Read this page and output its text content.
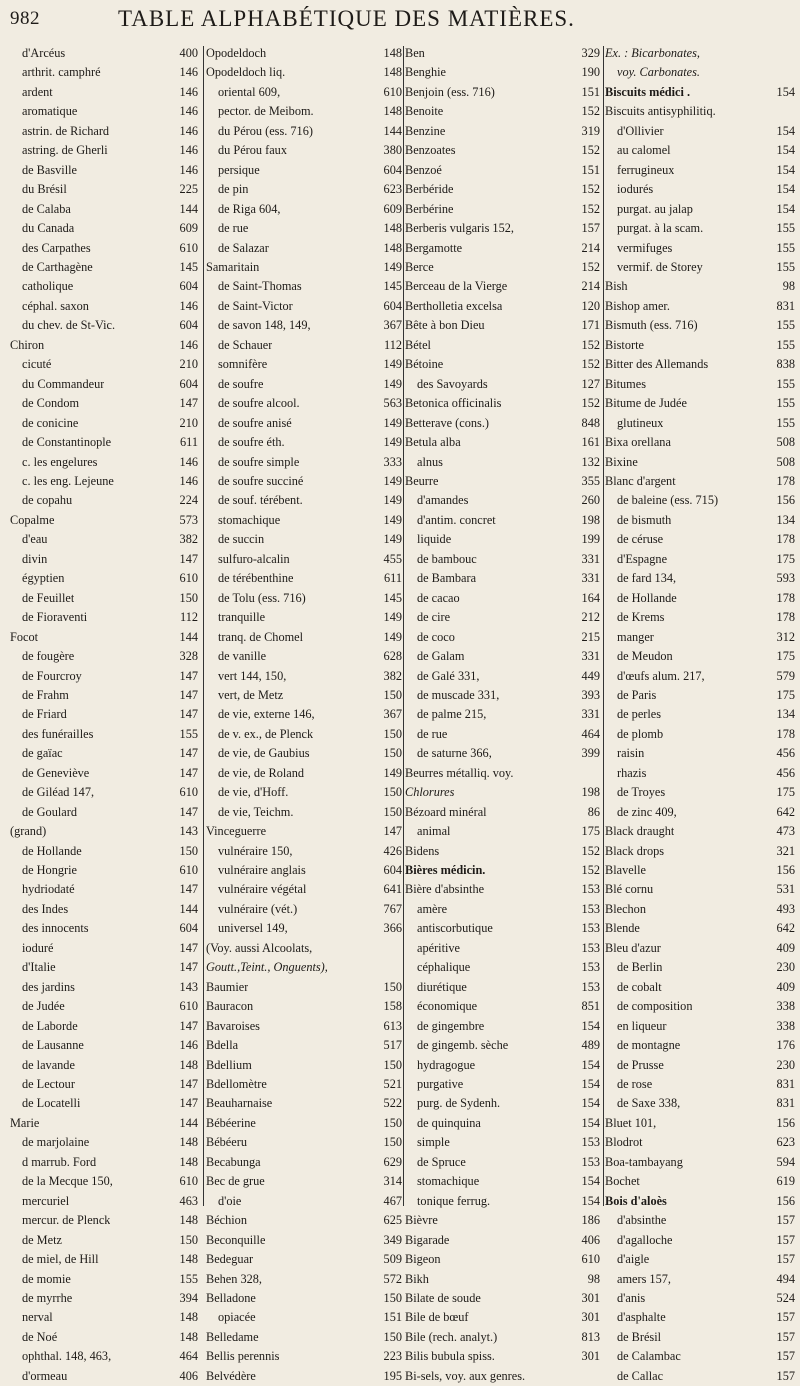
982	TABLE ALPHABÉTIQUE DES MATIÈRES.
d'Arcéus	400
arthrit. camphré	146
ardent	146
aromatique	146
astrin. de Richard	146
astring. de Gherli	146
de Basville	146
du Brésil	225
de Calaba	144
du Canada	609
des Carpathes	610
de Carthagène	145
catholique	604
céphal. saxon	146
du chev. de St-Vic.	604
Chiron	146
cicuté	210
du Commandeur	604
de Condom	147
de conicine	210
de Constantinople	611
c. les engelures	146
c. les eng. Lejeune	146
de copahu	224
Copalme	573
d'eau	382
divin	147
égyptien	610
de Feuillet	150
de Fioraventi	112
Focot	144
de fougère	328
de Fourcroy	147
de Frahm	147
de Friard	147
des funérailles	155
de gaïac	147
de Geneviève	147
de Giléad 147,	610
de Goulard	147
(grand)	143
de Hollande	150
de Hongrie	610
hydriodaté	147
des Indes	144
des innocents	604
ioduré	147
d'Italie	147
des jardins	143
de Judée	610
de Laborde	147
de Lausanne	146
de lavande	148
de Lectour	147
de Locatelli	147
Marie	144
de marjolaine	148
d marrub. Ford	148
de la Mecque 150,	610
mercuriel	463
mercur. de Plenck	148
de Metz	150
de miel, de Hill	148
de momie	155
de myrrhe	394
nerval	148
de Noé	148
ophthal. 148, 463,	464
d'ormeau	406
Opodeldoch	148
Opodeldoch liq.	148
oriental 609,	610
pector. de Meibom.	148
du Pérou (ess. 716)	144
du Pérou faux	380
persique	604
de pin	623
de Riga 604,	609
de rue	148
de Salazar	148
Samaritain	149
de Saint-Thomas	145
de Saint-Victor	604
de savon 148, 149,	367
de Schauer	112
somnifère	149
de soufre	149
de soufre alcool.	563
de soufre anisé	149
de soufre éth.	149
de soufre simple	333
de soufre succiné	149
de souf. térébent.	149
stomachique	149
de succin	149
sulfuro-alcalin	455
de térébenthine	611
de Tolu (ess. 716)	145
tranquille	149
tranq. de Chomel	149
de vanille	628
vert 144, 150,	382
vert, de Metz	150
de vie, externe 146,	367
de v. ex., de Plenck	150
de vie, de Gaubius	150
de vie, de Roland	149
de vie, d'Hoff.	150
de vie, Teichm.	150
Vinceguerre	147
vulnéraire 150,	426
vulnéraire anglais	604
vulnéraire végétal	641
vulnéraire (vét.)	767
universel 149,	366
(Voy. aussi Alcoolats,
Goutt.,Teint., Onguents),
Baumier	150
Bauracon	158
Bavaroises	613
Bdella	517
Bdellium	150
Bdellomètre	521
Beauharnaise	522
Bébéerine	150
Bébéeru	150
Becabunga	629
Bec de grue	314
d'oie	467
Béchion	625
Beconquille	349
Bedeguar	509
Behen 328,	572
Belladone	150
opiacée	151
Belledame	150
Bellis perennis	223
Belvédère	195
Ben	329
Benghie	190
Benjoin (ess. 716)	151
Benoite	152
Benzine	319
Benzoates	152
Benzoé	151
Berbéride	152
Berbérine	152
Berberis vulgaris 152,	157
Bergamotte	214
Berce	152
Berceau de la Vierge	214
Bertholletia excelsa	120
Bête à bon Dieu	171
Bétel	152
Bétoine	152
des Savoyards	127
Betonica officinalis	152
Betterave (cons.)	848
Betula alba	161
alnus	132
Beurre	355
d'amandes	260
d'antim. concret	198
liquide	199
de bambouc	331
de Bambara	331
de cacao	164
de cire	212
de coco	215
de Galam	331
de Galé 331,	449
de muscade 331,	393
de palme 215,	331
de rue	464
de saturne 366,	399
Beurres métalliq. voy.
Chlorures	198
Bézoard minéral	86
animal	175
Bidens	152
Bières médicin.	152
Bière d'absinthe	153
amère	153
antiscorbutique	153
apéritive	153
céphalique	153
diurétique	153
économique	851
de gingembre	154
de gingemb. sèche	489
hydragogue	154
purgative	154
purg. de Sydenh.	154
de quinquina	154
simple	153
de Spruce	153
stomachique	154
tonique ferrug.	154
Bièvre	186
Bigarade	406
Bigeon	610
Bikh	98
Bilate de soude	301
Bile de bœuf	301
Bile (rech. analyt.)	813
Bilis bubula spiss.	301
Bi-sels, voy. aux genres.
Ex. : Bicarbonates,
voy. Carbonates.
Biscuits médici .	154
Biscuits antisyphilitiq.
d'Ollivier	154
au calomel	154
ferrugineux	154
iodurés	154
purgat. au jalap	154
purgat. à la scam.	155
vermifuges	155
vermif. de Storey	155
Bish	98
Bishop amer.	831
Bismuth (ess. 716)	155
Bistorte	155
Bitter des Allemands	838
Bitumes	155
Bitume de Judée	155
glutineux	155
Bixa orellana	508
Bixine	508
Blanc d'argent	178
de baleine (ess. 715)	156
de bismuth	134
de céruse	178
d'Espagne	175
de fard 134,	593
de Hollande	178
de Krems	178
manger	312
de Meudon	175
d'œufs alum. 217,	579
de Paris	175
de perles	134
de plomb	178
raisin	456
rhazis	456
de Troyes	175
de zinc 409,	642
Black draught	473
Black drops	321
Blavelle	156
Blé cornu	531
Blechon	493
Blende	642
Bleu d'azur	409
de Berlin	230
de cobalt	409
de composition	338
en liqueur	338
de montagne	176
de Prusse	230
de rose	831
de Saxe 338,	831
Bluet 101,	156
Blodrot	623
Boa-tambayang	594
Bochet	619
Bois d'aloès	156
d'absinthe	157
d'agalloche	157
d'aigle	157
amers 157,	494
d'anis	524
d'asphalte	157
de Brésil	157
de Calambac	157
de Callac	157
